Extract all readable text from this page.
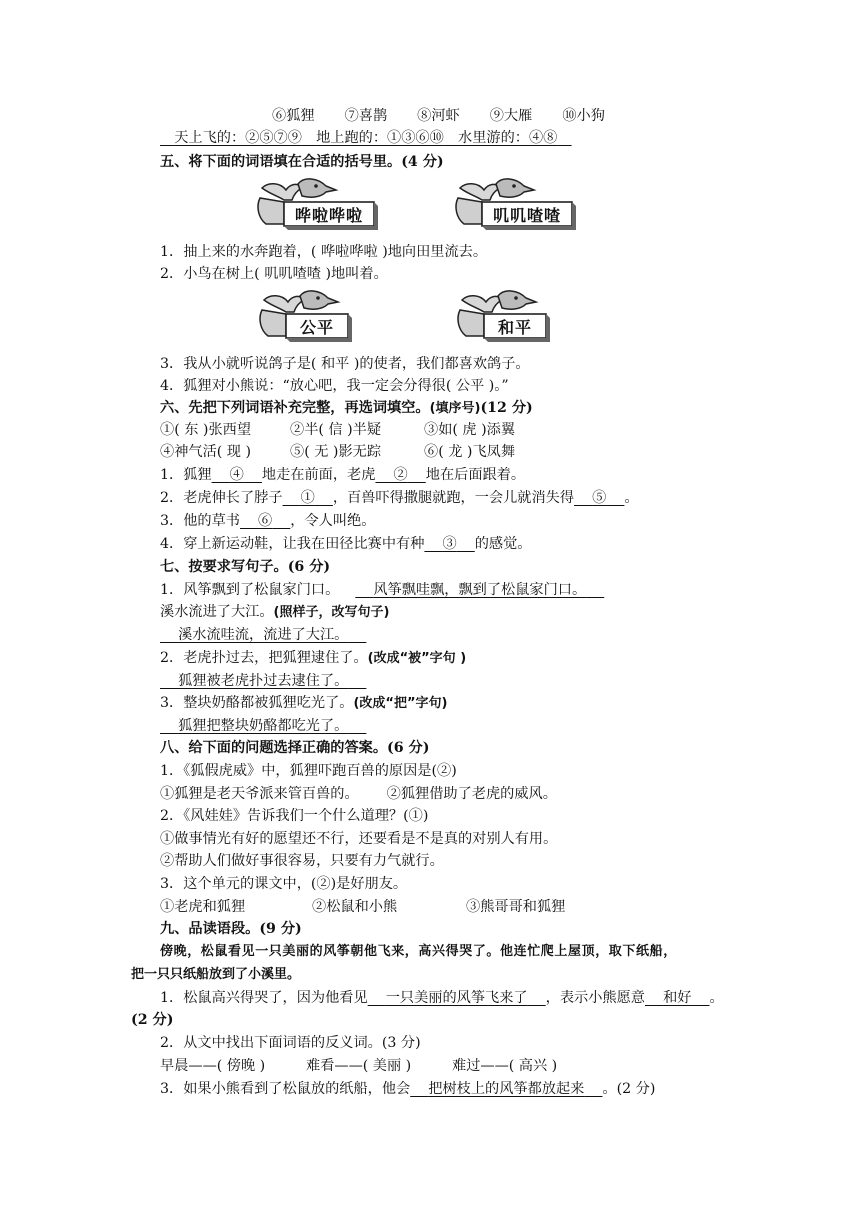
⑥狐狸 ⑦喜鹊 ⑧河虾 ⑨大雁 ⑩小狗
　天上飞的：②⑤⑦⑨　 地上跑的：①③⑥⑩　 水里游的：④⑧　
五、将下面的词语填在合适的括号里。(4 分)
哗啦哗啦	叽叽喳喳
1．抽上来的水奔跑着，( 哗啦哗啦 )地向田里流去。
2．小鸟在树上( 叽叽喳喳 )地叫着。
公平	和平
3．我从小就听说鸽子是( 和平 )的使者，我们都喜欢鸽子。
4．狐狸对小熊说：“放心吧，我一定会分得很( 公平 )。”
六、先把下列词语补充完整，再选词填空。(填序号)(12 分)
①( 东 )张西望	②半( 信 )半疑	③如( 虎 )添翼
④神气活( 现 )	⑤( 无 )影无踪	⑥( 龙 )飞凤舞
1．狐狸   ④   地走在前面，老虎   ②   地在后面跟着。
2．老虎伸长了脖子   ①   ，百兽吓得撒腿就跑，一会儿就消失得   ⑤   。
3．他的草书   ⑥   ，令人叫绝。
4．穿上新运动鞋，让我在田径比赛中有种   ③   的感觉。
七、按要求写句子。(6 分)
1．风筝飘到了松鼠家门口。   风筝飘哇飘，飘到了松鼠家门口。  
溪水流进了大江。(照样子，改写句子)
  溪水流哇流，流进了大江。  
2．老虎扑过去，把狐狸逮住了。(改成“被”字句 )
  狐狸被老虎扑过去逮住了。  
3．整块奶酪都被狐狸吃光了。(改成“把”字句)
  狐狸把整块奶酪都吃光了。  
八、给下面的问题选择正确的答案。(6 分)
1．《狐假虎威》中，狐狸吓跑百兽的原因是(②)
①狐狸是老天爷派来管百兽的。 ②狐狸借助了老虎的威风。
2．《风娃娃》告诉我们一个什么道理？(①)
①做事情光有好的愿望还不行，还要看是不是真的对别人有用。
②帮助人们做好事很容易，只要有力气就行。
3．这个单元的课文中，(②)是好朋友。
①老虎和狐狸	②松鼠和小熊	③熊哥哥和狐狸
九、品读语段。(9 分)
傍晚，松鼠看见一只美丽的风筝朝他飞来，高兴得哭了。他连忙爬上屋顶，取下纸船，
把一只只纸船放到了小溪里。
1．松鼠高兴得哭了，因为他看见   一只美丽的风筝飞来了   ，表示小熊愿意   和好   。
(2 分)
2．从文中找出下面词语的反义词。(3 分)
早晨——( 傍晚 )	难看——( 美丽 )	难过——( 高兴 )
3．如果小熊看到了松鼠放的纸船，他会   把树枝上的风筝都放起来   。(2 分)
